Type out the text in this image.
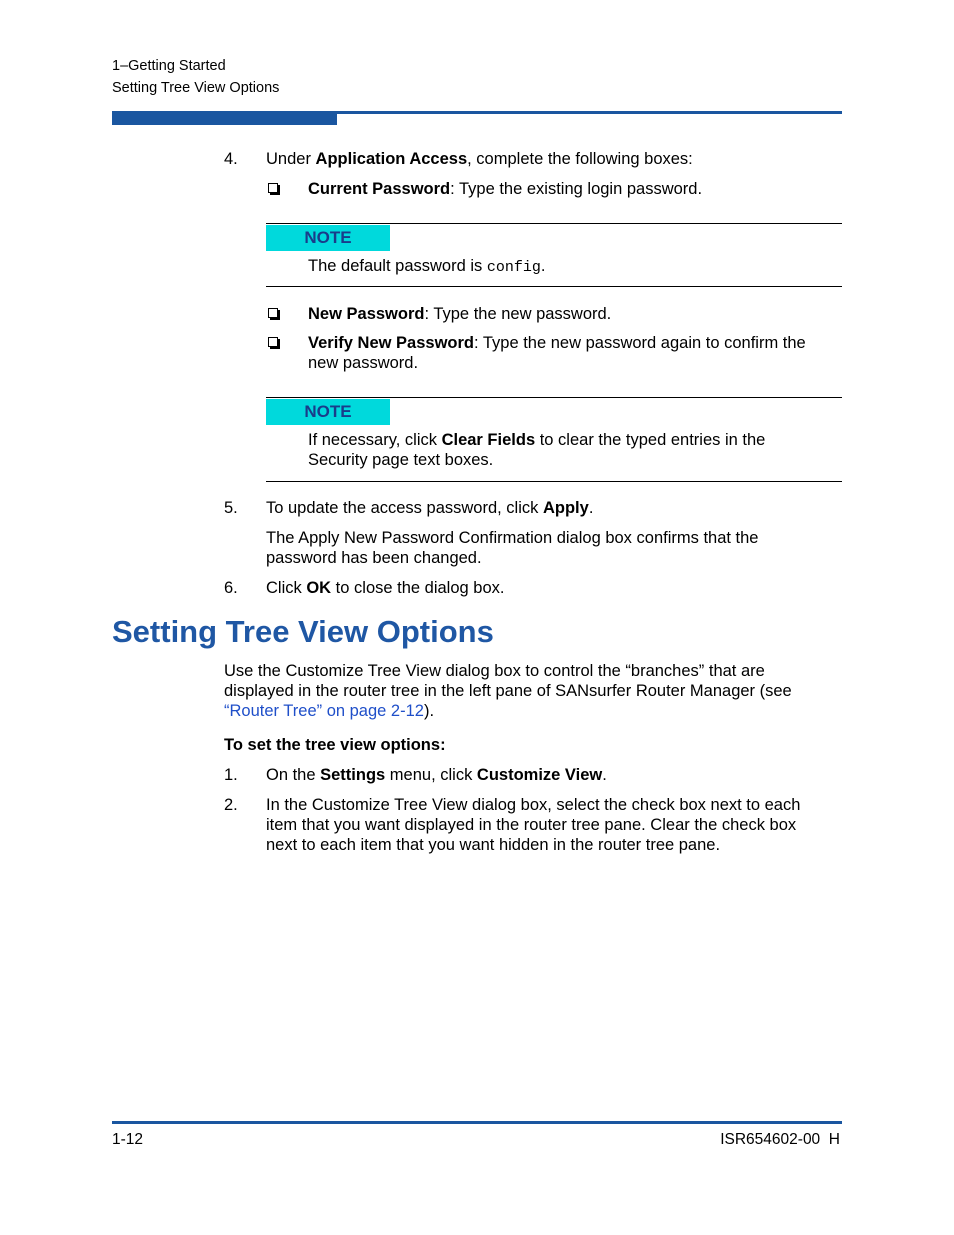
1–Getting Started
Setting Tree View Options
4. Under Application Access, complete the following boxes:
Current Password: Type the existing login password.
NOTE
The default password is config.
New Password: Type the new password.
Verify New Password: Type the new password again to confirm the
new password.
NOTE
If necessary, click Clear Fields to clear the typed entries in the
Security page text boxes.
5. To update the access password, click Apply.
The Apply New Password Confirmation dialog box confirms that the
password has been changed.
6. Click OK to close the dialog box.
Setting Tree View Options
Use the Customize Tree View dialog box to control the “branches” that are
displayed in the router tree in the left pane of SANsurfer Router Manager (see
“Router Tree” on page 2-12).
To set the tree view options:
1. On the Settings menu, click Customize View.
2. In the Customize Tree View dialog box, select the check box next to each
item that you want displayed in the router tree pane. Clear the check box
next to each item that you want hidden in the router tree pane.
1-12	ISR654602-00  H
